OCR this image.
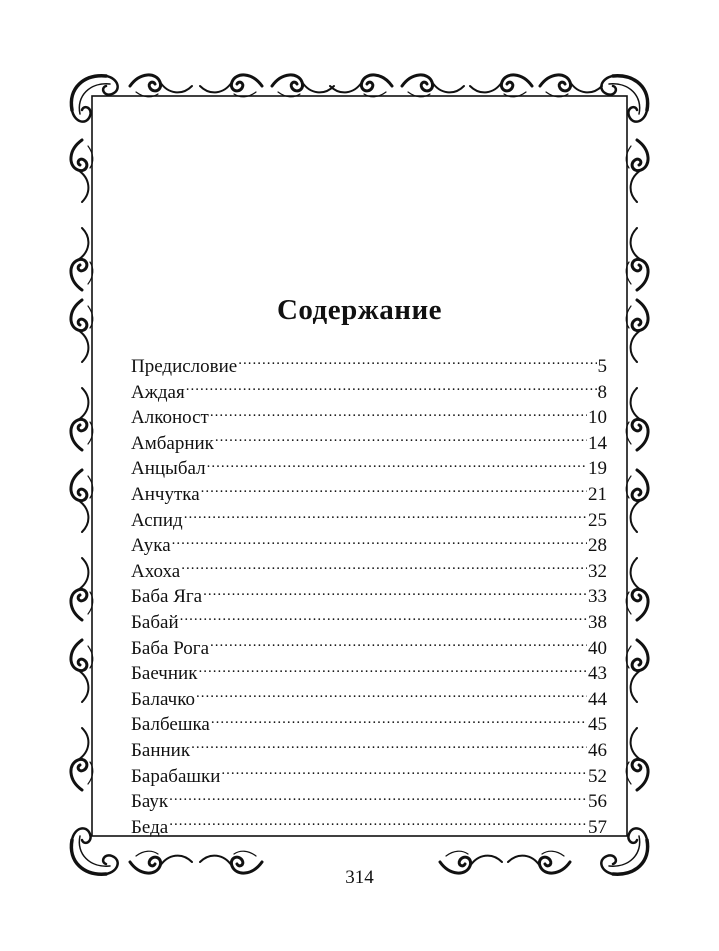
Содержание
Предисловие .....	5
Аждая .....	8
Алконост .....	10
Амбарник .....	14
Анцыбал .....	19
Анчутка .....	21
Аспид .....	25
Аука .....	28
Ахоха .....	32
Баба Яга .....	33
Бабай .....	38
Баба Рога .....	40
Баечник .....	43
Балачко .....	44
Балбешка .....	45
Банник .....	46
Барабашки .....	52
Баук .....	56
Беда .....	57
314
